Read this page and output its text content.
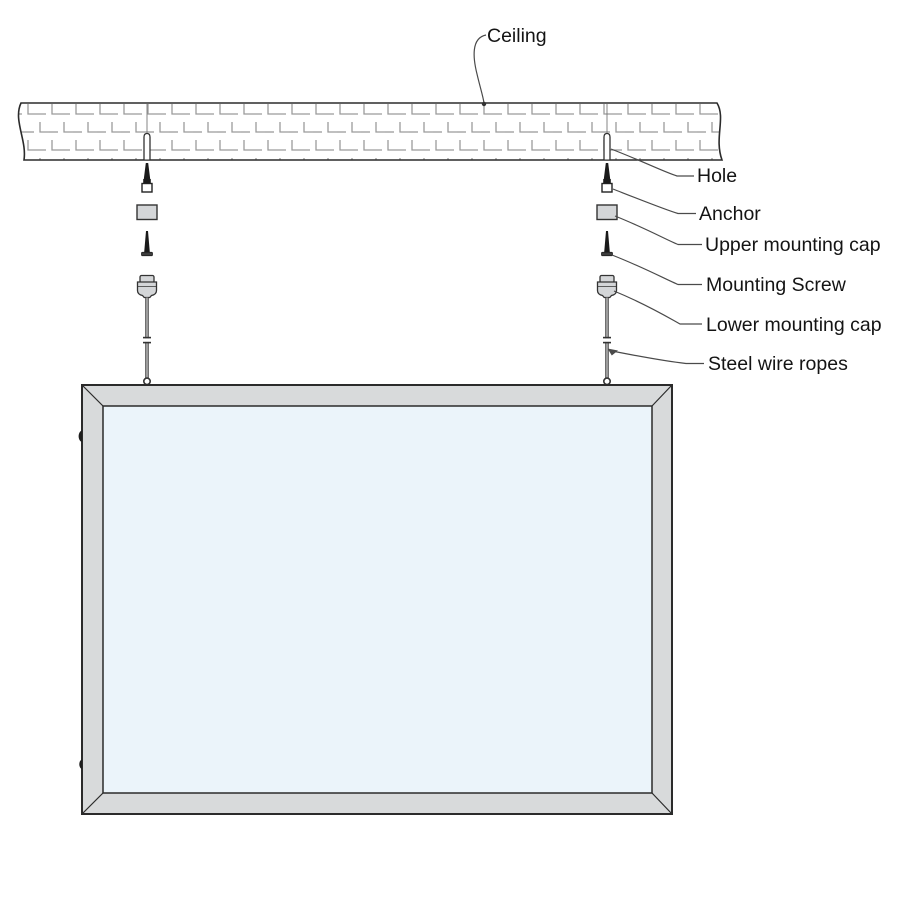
Ceiling
Hole
Anchor
Upper mounting cap
Mounting Screw
Lower mounting cap
Steel wire ropes
